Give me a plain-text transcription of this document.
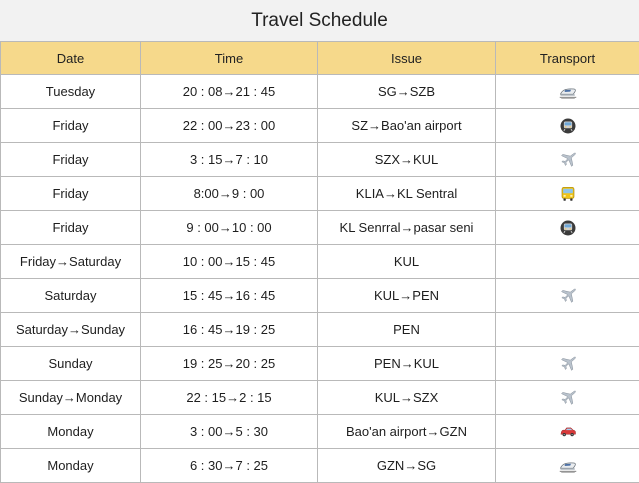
Travel Schedule
Date	Time	Issue	Transport
Tuesday	20 : 08→21 : 45	SG→SZB	

Friday	22 : 00→23 : 00	SZ→Bao'an airport	

Friday	3 : 15→7 : 10	SZX→KUL	

Friday	8:00→9 : 00	KLIA→KL Sentral	

Friday	9 : 00→10 : 00	KL Senrral→pasar seni	

Friday→Saturday	10 : 00→15 : 45	KUL	
Saturday	15 : 45→16 : 45	KUL→PEN	

Saturday→Sunday	16 : 45→19 : 25	PEN	
Sunday	19 : 25→20 : 25	PEN→KUL	

Sunday→Monday	22 : 15→2 : 15	KUL→SZX	

Monday	3 : 00→5 : 30	Bao'an airport→GZN	

Monday	6 : 30→7 : 25	GZN→SG	
